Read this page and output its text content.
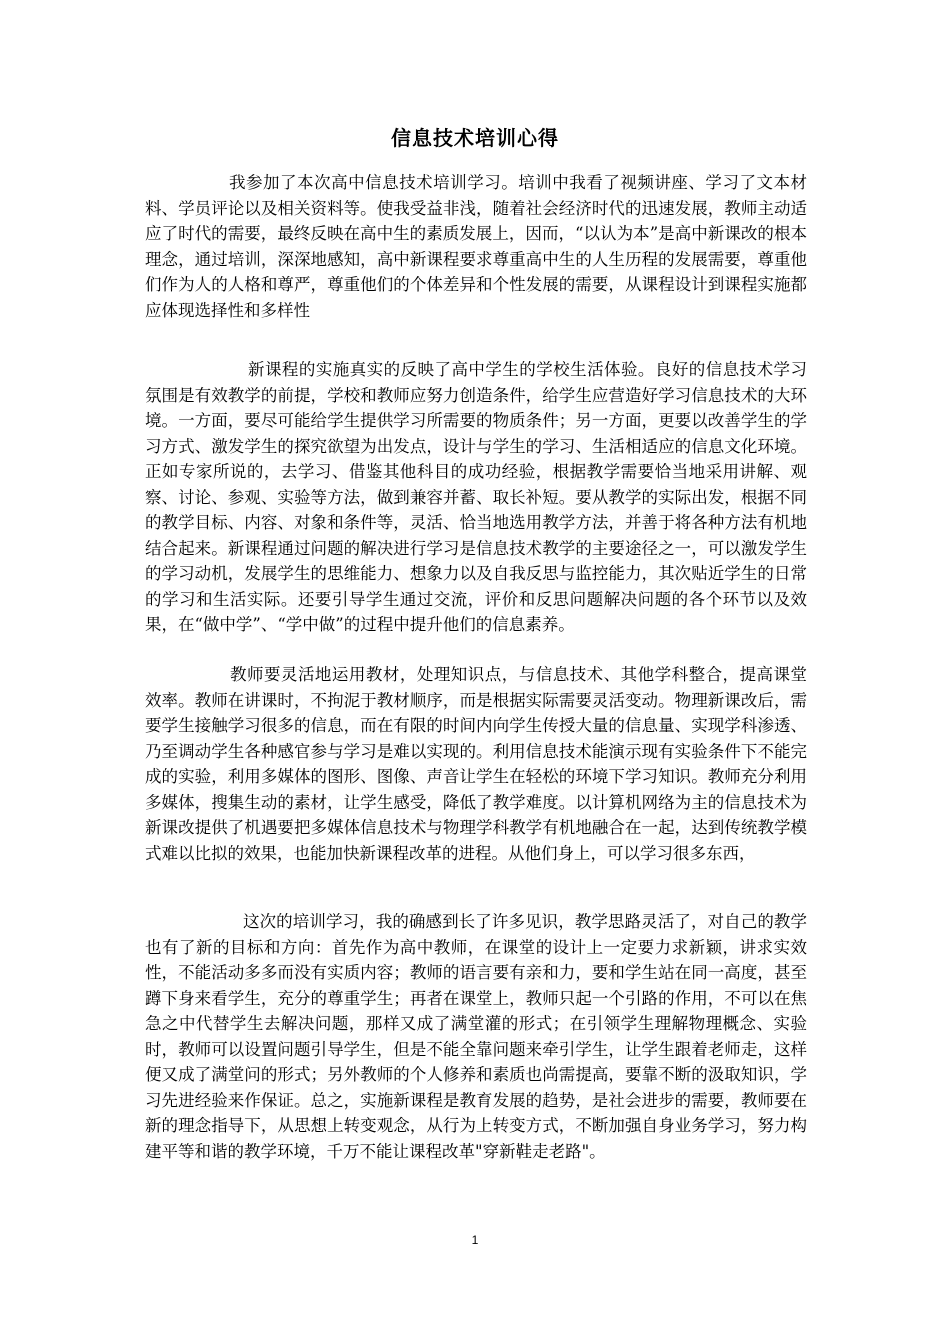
信息技术培训心得

我参加了本次高中信息技术培训学习。培训中我看了视频讲座、学习了文本材料、学员评论以及相关资料等。使我受益非浅，随着社会经济时代的迅速发展，教师主动适应了时代的需要，最终反映在高中生的素质发展上，因而，“以认为本”是高中新课改的根本理念，通过培训，深深地感知，高中新课程要求尊重高中生的人生历程的发展需要，尊重他们作为人的人格和尊严，尊重他们的个体差异和个性发展的需要，从课程设计到课程实施都应体现选择性和多样性

新课程的实施真实的反映了高中学生的学校生活体验。良好的信息技术学习氛围是有效教学的前提，学校和教师应努力创造条件，给学生应营造好学习信息技术的大环境。一方面，要尽可能给学生提供学习所需要的物质条件；另一方面，更要以改善学生的学习方式、激发学生的探究欲望为出发点，设计与学生的学习、生活相适应的信息文化环境。正如专家所说的，去学习、借鉴其他科目的成功经验，根据教学需要恰当地采用讲解、观察、讨论、参观、实验等方法，做到兼容并蓄、取长补短。要从教学的实际出发，根据不同的教学目标、内容、对象和条件等，灵活、恰当地选用教学方法，并善于将各种方法有机地结合起来。新课程通过问题的解决进行学习是信息技术教学的主要途径之一，可以激发学生的学习动机，发展学生的思维能力、想象力以及自我反思与监控能力，其次贴近学生的日常的学习和生活实际。还要引导学生通过交流，评价和反思问题解决问题的各个环节以及效果，在“做中学”、“学中做”的过程中提升他们的信息素养。

教师要灵活地运用教材，处理知识点，与信息技术、其他学科整合，提高课堂效率。教师在讲课时，不拘泥于教材顺序，而是根据实际需要灵活变动。物理新课改后，需要学生接触学习很多的信息，而在有限的时间内向学生传授大量的信息量、实现学科渗透、乃至调动学生各种感官参与学习是难以实现的。利用信息技术能演示现有实验条件下不能完成的实验，利用多媒体的图形、图像、声音让学生在轻松的环境下学习知识。教师充分利用多媒体，搜集生动的素材，让学生感受，降低了教学难度。以计算机网络为主的信息技术为新课改提供了机遇要把多媒体信息技术与物理学科教学有机地融合在一起，达到传统教学模式难以比拟的效果，也能加快新课程改革的进程。从他们身上，可以学习很多东西，

这次的培训学习，我的确感到长了许多见识，教学思路灵活了，对自己的教学也有了新的目标和方向：首先作为高中教师，在课堂的设计上一定要力求新颖，讲求实效性，不能活动多多而没有实质内容；教师的语言要有亲和力，要和学生站在同一高度，甚至蹲下身来看学生，充分的尊重学生；再者在课堂上，教师只起一个引路的作用，不可以在焦急之中代替学生去解决问题，那样又成了满堂灌的形式；在引领学生理解物理概念、实验时，教师可以设置问题引导学生，但是不能全靠问题来牵引学生，让学生跟着老师走，这样便又成了满堂问的形式；另外教师的个人修养和素质也尚需提高，要靠不断的汲取知识，学习先进经验来作保证。总之，实施新课程是教育发展的趋势，是社会进步的需要，教师要在新的理念指导下，从思想上转变观念，从行为上转变方式，不断加强自身业务学习，努力构建平等和谐的教学环境，千万不能让课程改革"穿新鞋走老路"。

1
